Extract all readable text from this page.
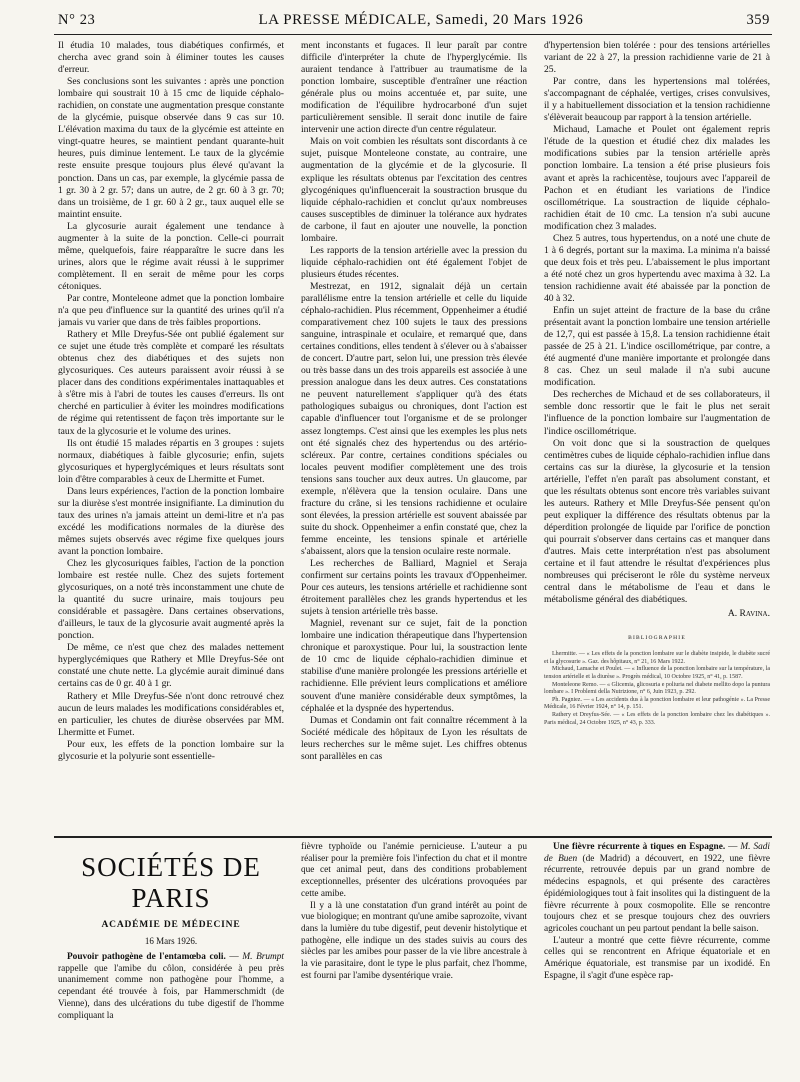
N° 23	LA PRESSE MÉDICALE, Samedi, 20 Mars 1926	359

Il étudia 10 malades, tous diabétiques confirmés, et chercha avec grand soin à éliminer toutes les causes d'erreur.

Ses conclusions sont les suivantes : après une ponction lombaire qui soustrait 10 à 15 cmc de liquide céphalo-rachidien, on constate une augmentation presque constante de la glycémie, puisque observée dans 9 cas sur 10. L'élévation maxima du taux de la glycémie est atteinte en vingt-quatre heures, se maintient pendant quarante-huit heures, puis diminue lentement. Le taux de la glycémie reste ensuite presque toujours plus élevé qu'avant la ponction. Dans un cas, par exemple, la glycémie passa de 1 gr. 30 à 2 gr. 57; dans un autre, de 2 gr. 60 à 3 gr. 70; dans un troisième, de 1 gr. 60 à 2 gr., taux auquel elle se maintint ensuite.

La glycosurie aurait également une tendance à augmenter à la suite de la ponction. Celle-ci pourrait même, quelquefois, faire réapparaître le sucre dans les urines, alors que le régime avait réussi à le supprimer complètement. Il en serait de même pour les corps cétoniques.

Par contre, Monteleone admet que la ponction lombaire n'a que peu d'influence sur la quantité des urines qu'il n'a jamais vu varier que dans de très faibles proportions.

Rathery et Mlle Dreyfus-Sée ont publié également sur ce sujet une étude très complète et comparé les résultats obtenus chez des diabétiques et des sujets non glycosuriques. Ces auteurs paraissent avoir réussi à se placer dans des conditions expérimentales inattaquables et à s'être mis à l'abri de toutes les causes d'erreurs. Ils ont cherché en particulier à éviter les moindres modifications de régime qui retentissent de façon très importante sur le taux de la glycosurie et le volume des urines.

Ils ont étudié 15 malades répartis en 3 groupes : sujets normaux, diabétiques à faible glycosurie; enfin, sujets glycosuriques et hyperglycémiques et leurs résultats sont loin d'être comparables à ceux de Lhermitte et Fumet.

Dans leurs expériences, l'action de la ponction lombaire sur la diurèse s'est montrée insignifiante. La diminution du taux des urines n'a jamais atteint un demi-litre et n'a pas excédé les modifications normales de la diurèse des mêmes sujets observés avec régime fixe quelques jours avant la ponction lombaire.

Chez les glycosuriques faibles, l'action de la ponction lombaire est restée nulle. Chez des sujets fortement glycosuriques, on a noté très inconstamment une chute de la quantité du sucre urinaire, mais toujours peu considérable et passagère. Dans certaines observations, d'ailleurs, le taux de la glycosurie avait augmenté après la ponction.

De même, ce n'est que chez des malades nettement hyperglycémiques que Rathery et Mlle Dreyfus-Sée ont constaté une chute nette. La glycémie aurait diminué dans certains cas de 0 gr. 40 à 1 gr.

Rathery et Mlle Dreyfus-Sée n'ont donc retrouvé chez aucun de leurs malades les modifications considérables et, en particulier, les chutes de diurèse observées par MM. Lhermitte et Fumet.

Pour eux, les effets de la ponction lombaire sur la glycosurie et la polyurie sont essentielle-

ment inconstants et fugaces. Il leur paraît par contre difficile d'interpréter la chute de l'hyperglycémie. Ils auraient tendance à l'attribuer au traumatisme de la ponction lombaire, susceptible d'entraîner une réaction générale plus ou moins accentuée et, par suite, une modification de l'équilibre hydrocarboné d'un sujet particulièrement sensible. Il serait donc inutile de faire intervenir une action directe d'un centre régulateur.

Mais on voit combien les résultats sont discordants à ce sujet, puisque Monteleone constate, au contraire, une augmentation de la glycémie et de la glycosurie. Il explique les résultats obtenus par l'excitation des centres glycogéniques qu'influencerait la soustraction brusque du liquide céphalo-rachidien et conclut qu'aux nombreuses causes susceptibles de diminuer la tolérance aux hydrates de carbone, il faut en ajouter une nouvelle, la ponction lombaire.

Les rapports de la tension artérielle avec la pression du liquide céphalo-rachidien ont été également l'objet de plusieurs études récentes.

Mestrezat, en 1912, signalait déjà un certain parallélisme entre la tension artérielle et celle du liquide céphalo-rachidien. Plus récemment, Oppenheimer a étudié comparativement chez 100 sujets le taux des pressions sanguine, intraspinale et oculaire, et remarqué que, dans certaines conditions, elles tendent à s'élever ou à s'abaisser de concert. D'autre part, selon lui, une pression très élevée ou très basse dans un des trois appareils est associée à une pression analogue dans les deux autres. Ces constatations ne peuvent naturellement s'appliquer qu'à des états pathologiques subaigus ou chroniques, dont l'action est capable d'influencer tout l'organisme et de se prolonger assez longtemps. C'est ainsi que les exemples les plus nets ont été signalés chez des hypertendus ou des artério-scléreux. Par contre, certaines conditions spéciales ou locales peuvent modifier complètement une des trois tensions sans toucher aux deux autres. Un glaucome, par exemple, n'élèvera que la tension oculaire. Dans une fracture du crâne, si les tensions rachidienne et oculaire sont élevées, la pression artérielle est souvent abaissée par suite du shock. Oppenheimer a enfin constaté que, chez la femme enceinte, les tensions spinale et artérielle s'abaissent, alors que la tension oculaire reste normale.

Les recherches de Balliard, Magniel et Seraja confirment sur certains points les travaux d'Oppenheimer. Pour ces auteurs, les tensions artérielle et rachidienne sont étroitement parallèles chez les grands hypertendus et les sujets à tension artérielle très basse.

Magniel, revenant sur ce sujet, fait de la ponction lombaire une indication thérapeutique dans l'hypertension chronique et paroxystique. Pour lui, la soustraction lente de 10 cmc de liquide céphalo-rachidien diminue et stabilise d'une manière prolongée les pressions artérielle et rachidienne. Elle prévient leurs complications et améliore souvent d'une manière considérable deux symptômes, la céphalée et la dyspnée des hypertendus.

Dumas et Condamin ont fait connaître récemment à la Société médicale des hôpitaux de Lyon les résultats de leurs recherches sur le même sujet. Les chiffres obtenus sont parallèles en cas

d'hypertension bien tolérée : pour des tensions artérielles variant de 22 à 27, la pression rachidienne varie de 21 à 25.

Par contre, dans les hypertensions mal tolérées, s'accompagnant de céphalée, vertiges, crises convulsives, il y a habituellement dissociation et la tension rachidienne s'élèverait beaucoup par rapport à la tension artérielle.

Michaud, Lamache et Poulet ont également repris l'étude de la question et étudié chez dix malades les modifications subies par la tension artérielle après ponction lombaire. La tension a été prise plusieurs fois avant et après la rachicentèse, toujours avec l'appareil de Pachon et en étudiant les variations de l'indice oscillométrique. La soustraction de liquide céphalo-rachidien était de 10 cmc. La tension n'a subi aucune modification chez 3 malades.

Chez 5 autres, tous hypertendus, on a noté une chute de 1 à 6 degrés, portant sur la maxima. La minima n'a baissé que deux fois et très peu. L'abaissement le plus important a été noté chez un gros hypertendu avec maxima à 32. La tension rachidienne avait été abaissée par la ponction de 40 à 32.

Enfin un sujet atteint de fracture de la base du crâne présentait avant la ponction lombaire une tension artérielle de 12,7, qui est passée à 15,8. La tension rachidienne était passée de 25 à 21. L'indice oscillométrique, par contre, a été augmenté d'une manière importante et prolongée dans 8 cas. Chez un seul malade il n'a subi aucune modification.

Des recherches de Michaud et de ses collaborateurs, il semble donc ressortir que le fait le plus net serait l'influence de la ponction lombaire sur l'augmentation de l'indice oscillométrique.

On voit donc que si la soustraction de quelques centimètres cubes de liquide céphalo-rachidien influe dans certains cas sur la diurèse, la glycosurie et la tension artérielle, l'effet n'en paraît pas absolument constant, et que les résultats obtenus sont encore très variables suivant les auteurs. Rathery et Mlle Dreyfus-Sée pensent qu'on peut expliquer la différence des résultats obtenus par la déperdition prolongée de liquide par l'orifice de ponction qui pourrait s'observer dans certains cas et manquer dans d'autres. Mais cette interprétation n'est pas absolument certaine et il faut attendre le résultat d'expériences plus nombreuses qui préciseront le rôle du système nerveux central dans le métabolisme de l'eau et dans le métabolisme général des diabétiques.

A. Ravina.

BIBLIOGRAPHIE

Lhermitte. — « Les effets de la ponction lombaire sur le diabète insipide, le diabète sucré et la glycosurie ». Gaz. des hôpitaux, n° 21, 16 Mars 1922.

Michaud, Lamache et Poulet. — « Influence de la ponction lombaire sur la température, la tension artérielle et la diurèse ». Progrès médical, 10 Octobre 1925, n° 41, p. 1587.

Monteleone Remo. — « Glicemia, glicosuria e poliuria nel diabete mellito dopo la puntura lombare ». I Problemi della Nutrizione, n° 6, Juin 1923, p. 292.

Ph. Pagniez. — « Les accidents dus à la ponction lombaire et leur pathogénie ». La Presse Médicale, 16 Février 1924, n° 14, p. 151.

Rathery et Dreyfus-Sée. — « Les effets de la ponction lombaire chez les diabétiques ». Paris médical, 24 Octobre 1925, n° 43, p. 333.

SOCIÉTÉS DE PARIS
ACADÉMIE DE MÉDECINE
16 Mars 1926.

Pouvoir pathogène de l'entamœba coli. — M. Brumpt rappelle que l'amibe du côlon, considérée à peu près unanimement comme non pathogène pour l'homme, a cependant été trouvée à fois, par Hammerschmidt (de Vienne), dans des ulcérations du tube digestif de l'homme compliquant la

fièvre typhoïde ou l'anémie pernicieuse. L'auteur a pu réaliser pour la première fois l'infection du chat et il montre que cet animal peut, dans des conditions probablement exceptionnelles, présenter des ulcérations provoquées par cette amibe.

Il y a là une constatation d'un grand intérêt au point de vue biologique; en montrant qu'une amibe saprozoïte, vivant dans la lumière du tube digestif, peut devenir histolytique et pathogène, elle indique un des stades suivis au cours des siècles par les amibes pour passer de la vie libre ancestrale à la vie parasitaire, dont le type le plus parfait, chez l'homme, est fourni par l'amibe dysentérique vraie.

Une fièvre récurrente à tiques en Espagne. — M. Sadi de Buen (de Madrid) a découvert, en 1922, une fièvre récurrente, retrouvée depuis par un grand nombre de médecins espagnols, et qui présente des caractères épidémiologiques tout à fait insolites qui la distinguent de la fièvre récurrente à poux cosmopolite. Elle se rencontre toujours chez et se presque toujours chez des ouvriers agricoles couchant un peu partout pendant la belle saison.

L'auteur a montré que cette fièvre récurrente, comme celles qui se rencontrent en Afrique équatoriale et en Amérique équatoriale, est transmise par un ixodidé. En Espagne, il s'agit d'une espèce rap-
